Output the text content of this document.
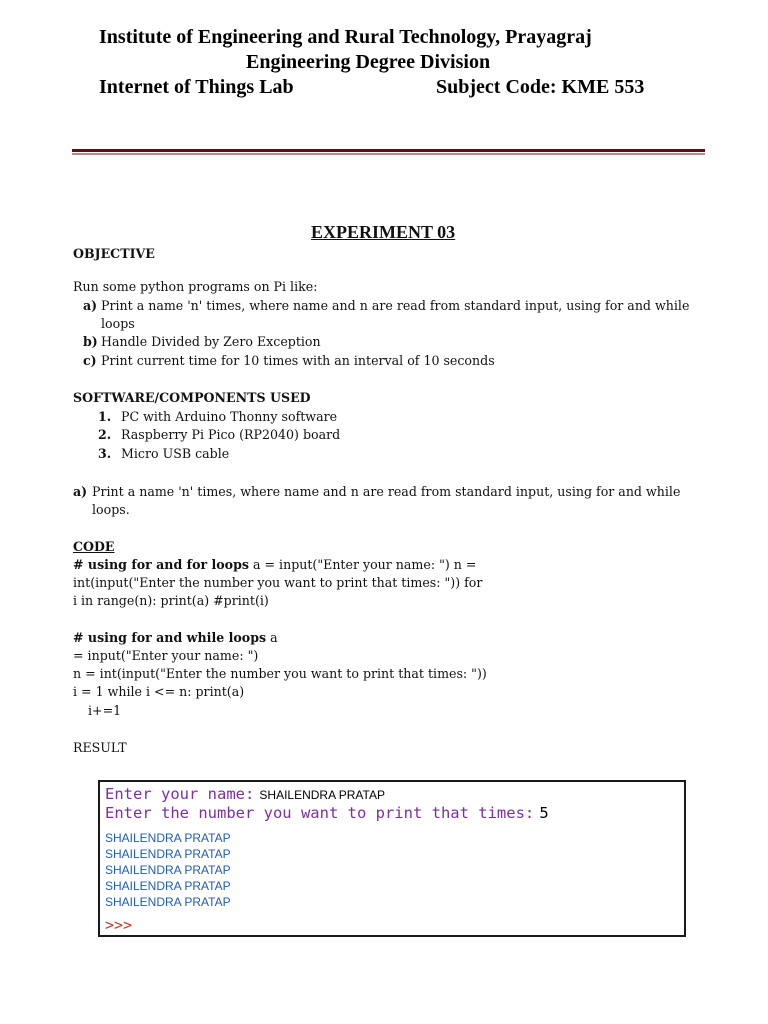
Institute of Engineering and Rural Technology, Prayagraj
Engineering Degree Division
Internet of Things Lab	Subject Code: KME 553
EXPERIMENT 03
OBJECTIVE
Run some python programs on Pi like:
a) Print a name 'n' times, where name and n are read from standard input, using for and while
loops
b) Handle Divided by Zero Exception
c) Print current time for 10 times with an interval of 10 seconds
SOFTWARE/COMPONENTS USED
1. PC with Arduino Thonny software
2. Raspberry Pi Pico (RP2040) board
3. Micro USB cable
a) Print a name 'n' times, where name and n are read from standard input, using for and while
loops.
CODE
# using for and for loops a = input("Enter your name: ") n =
int(input("Enter the number you want to print that times: ")) for
i in range(n): print(a) #print(i)
# using for and while loops a
= input("Enter your name: ")
n = int(input("Enter the number you want to print that times: "))
i = 1 while i <= n: print(a)
i+=1
RESULT
Enter your name: SHAILENDRA PRATAP
Enter the number you want to print that times: 5
SHAILENDRA PRATAP
SHAILENDRA PRATAP
SHAILENDRA PRATAP
SHAILENDRA PRATAP
SHAILENDRA PRATAP
>>>
